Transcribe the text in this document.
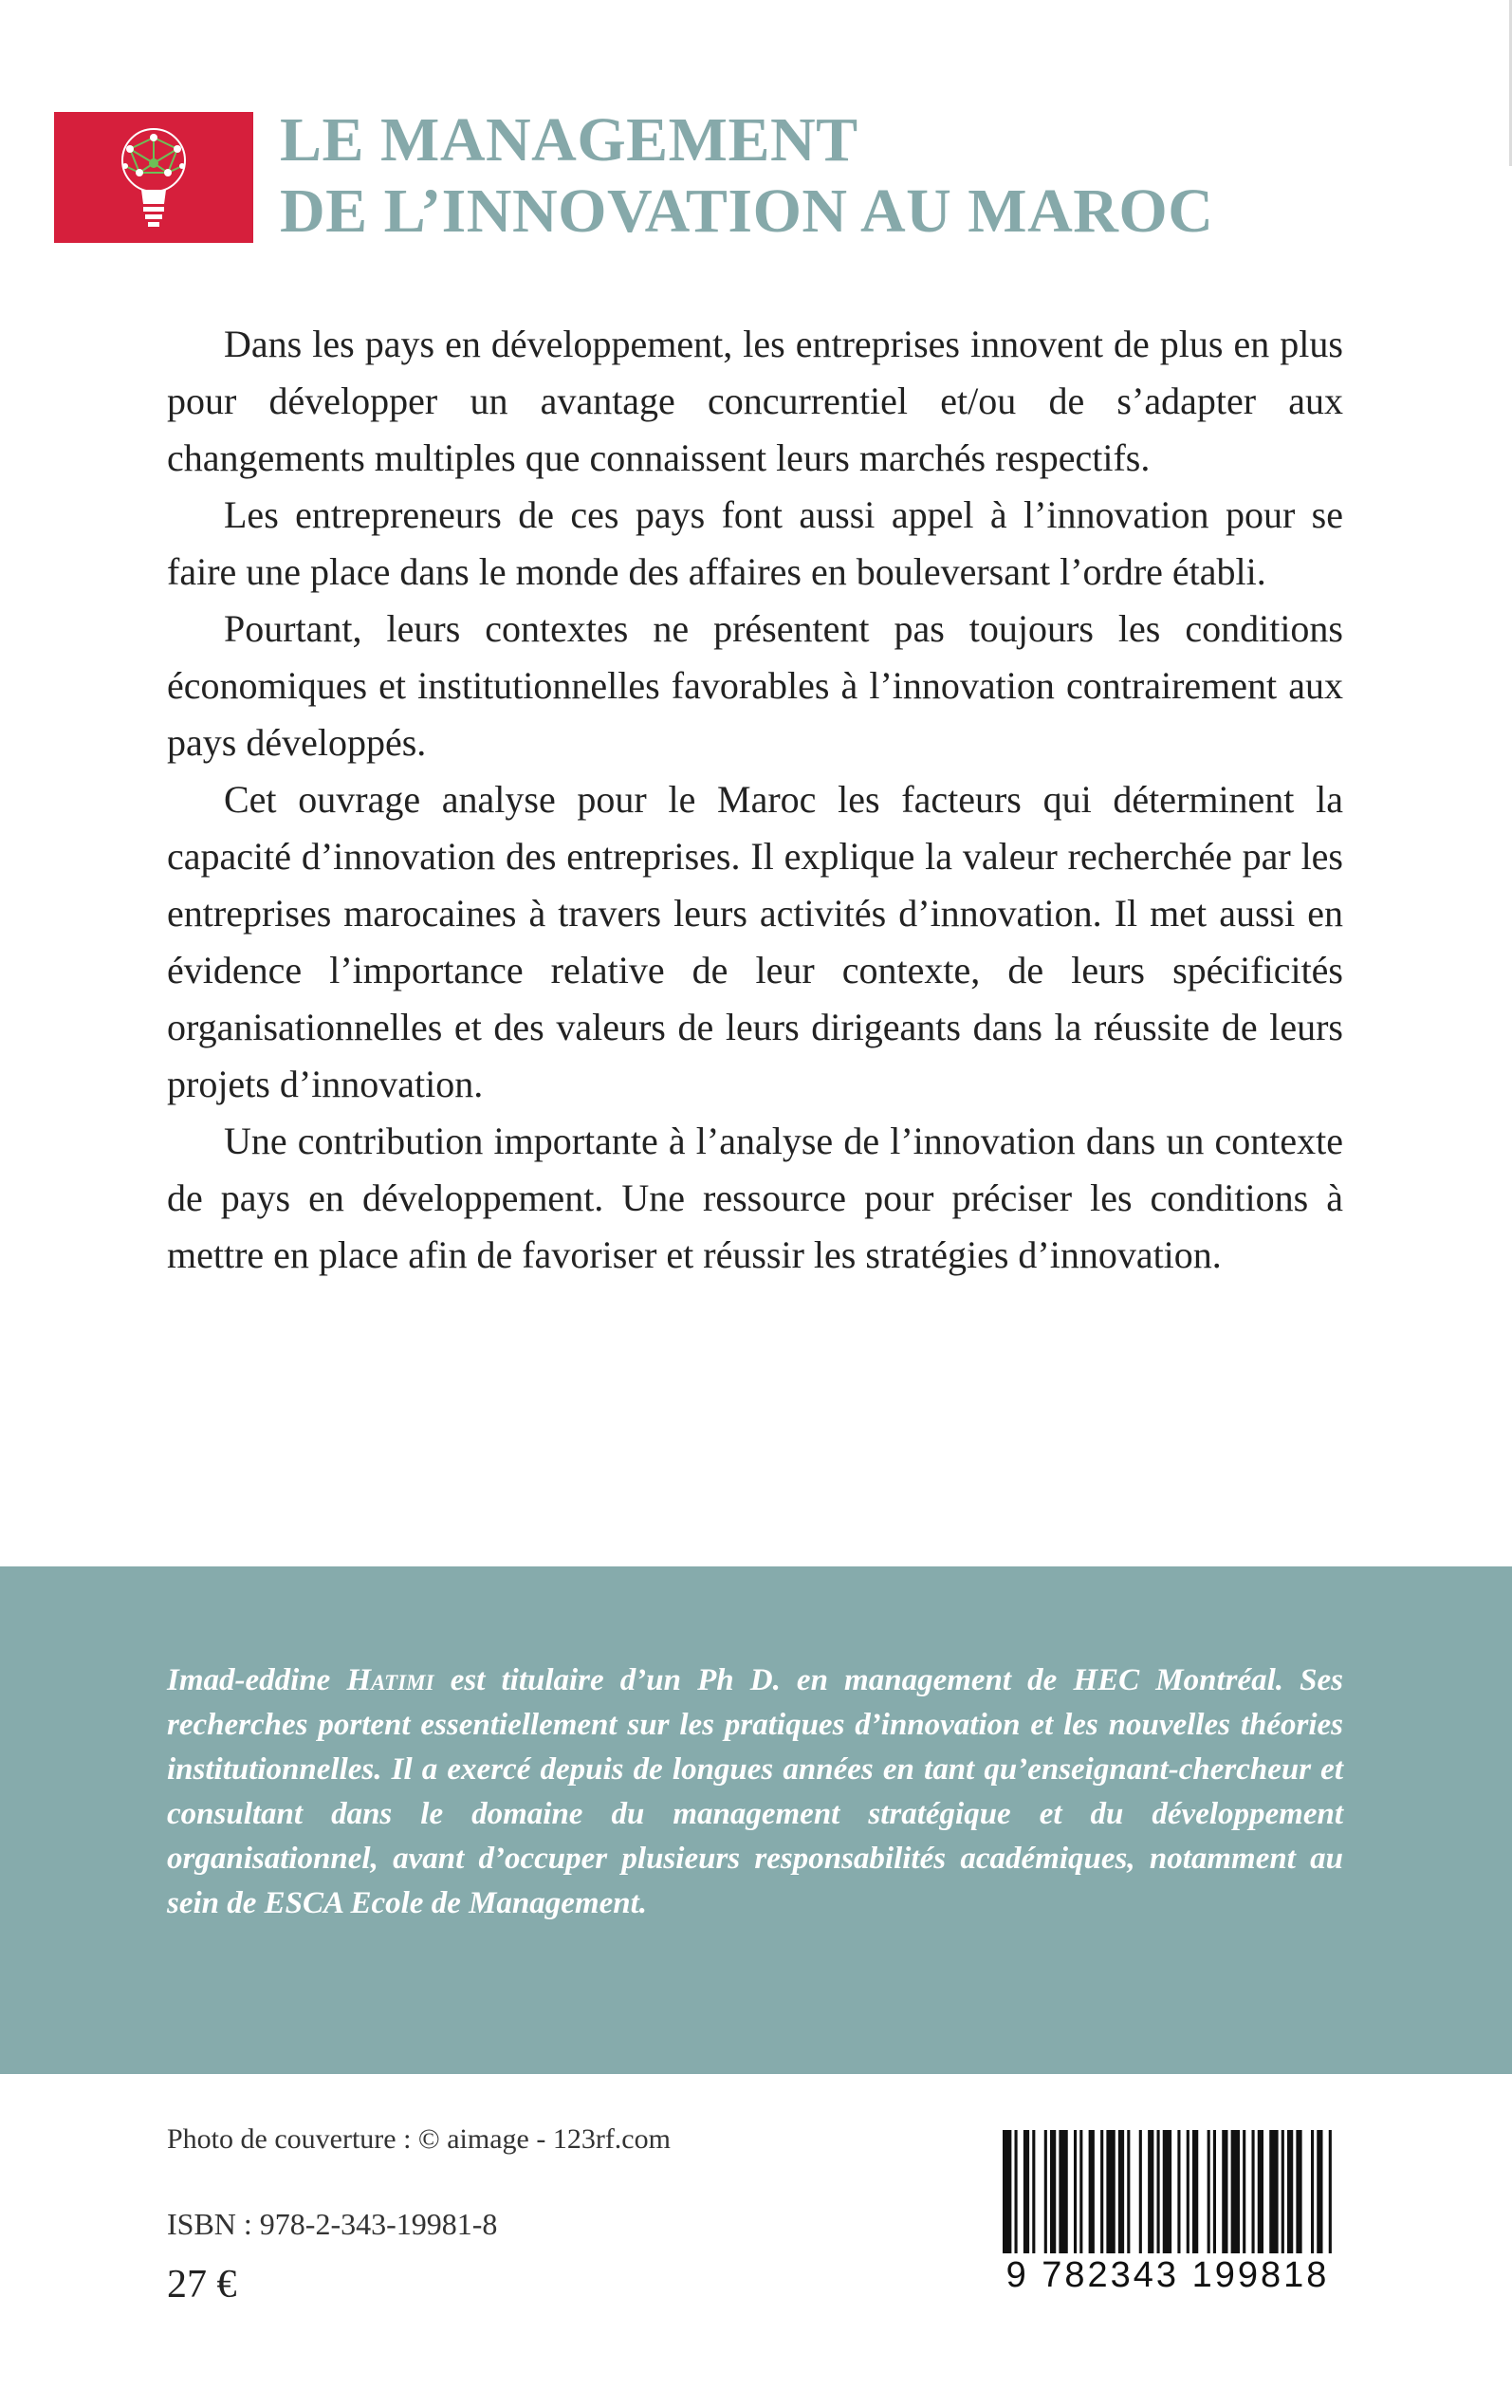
LE MANAGEMENT
DE L’INNOVATION AU MAROC

Dans les pays en développement, les entreprises innovent de plus en plus pour développer un avantage concurrentiel et/ou de s’adapter aux changements multiples que connaissent leurs marchés respectifs.

Les entrepreneurs de ces pays font aussi appel à l’innovation pour se faire une place dans le monde des affaires en bouleversant l’ordre établi.

Pourtant, leurs contextes ne présentent pas toujours les conditions économiques et institutionnelles favorables à l’innovation contrairement aux pays développés.

Cet ouvrage analyse pour le Maroc les facteurs qui déterminent la capacité d’innovation des entreprises. Il explique la valeur recherchée par les entreprises marocaines à travers leurs activités d’innovation. Il met aussi en évidence l’importance relative de leur contexte, de leurs spécificités organisationnelles et des valeurs de leurs dirigeants dans la réussite de leurs projets d’innovation.

Une contribution importante à l’analyse de l’innovation dans un contexte de pays en développement. Une ressource pour préciser les conditions à mettre en place afin de favoriser et réussir les stratégies d’innovation.

Imad-eddine Hatimi est titulaire d’un Ph D. en management de HEC Montréal. Ses recherches portent essentiellement sur les pratiques d’innovation et les nouvelles théories institutionnelles. Il a exercé depuis de longues années en tant qu’enseignant-chercheur et consultant dans le domaine du management stratégique et du développement organisationnel, avant d’occuper plusieurs responsabilités académiques, notamment au sein de ESCA Ecole de Management.
Photo de couverture : © aimage - 123rf.com
ISBN : 978-2-343-19981-8
27 €	9 782343 199818
